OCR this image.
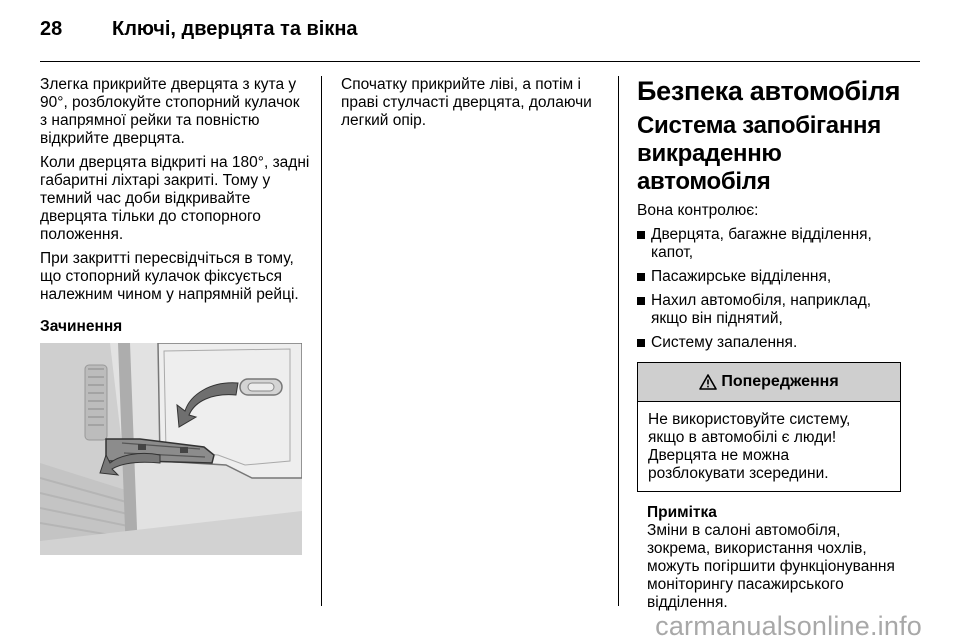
28	Ключі, дверцята та вікна

Злегка прикрийте дверцята з кута у 90°, розблокуйте стопорний кулачок з напрямної рейки та повністю відкрийте дверцята.

Коли дверцята відкриті на 180°, задні габаритні ліхтарі закриті. Тому у темний час доби відкривайте дверцята тільки до стопорного положення.

При закритті пересвідчіться в тому, що стопорний кулачок фіксується належним чином у напрямній рейці.

Зачинення

Спочатку прикрийте ліві, а потім і праві стулчасті дверцята, долаючи легкий опір.

Безпека автомобіля
Система запобігання викраденню автомобіля

Вона контролює:

Дверцята, багажне відділення, капот,
Пасажирське відділення,
Нахил автомобіля, наприклад, якщо він піднятий,
Систему запалення.
Попередження
Не використовуйте систему, якщо в автомобілі є люди! Дверцята не можна розблокувати зсередини.
Примітка
Зміни в салоні автомобіля, зокрема, використання чохлів, можуть погіршити функціонування моніторингу пасажирського відділення.
carmanualsonline.info
